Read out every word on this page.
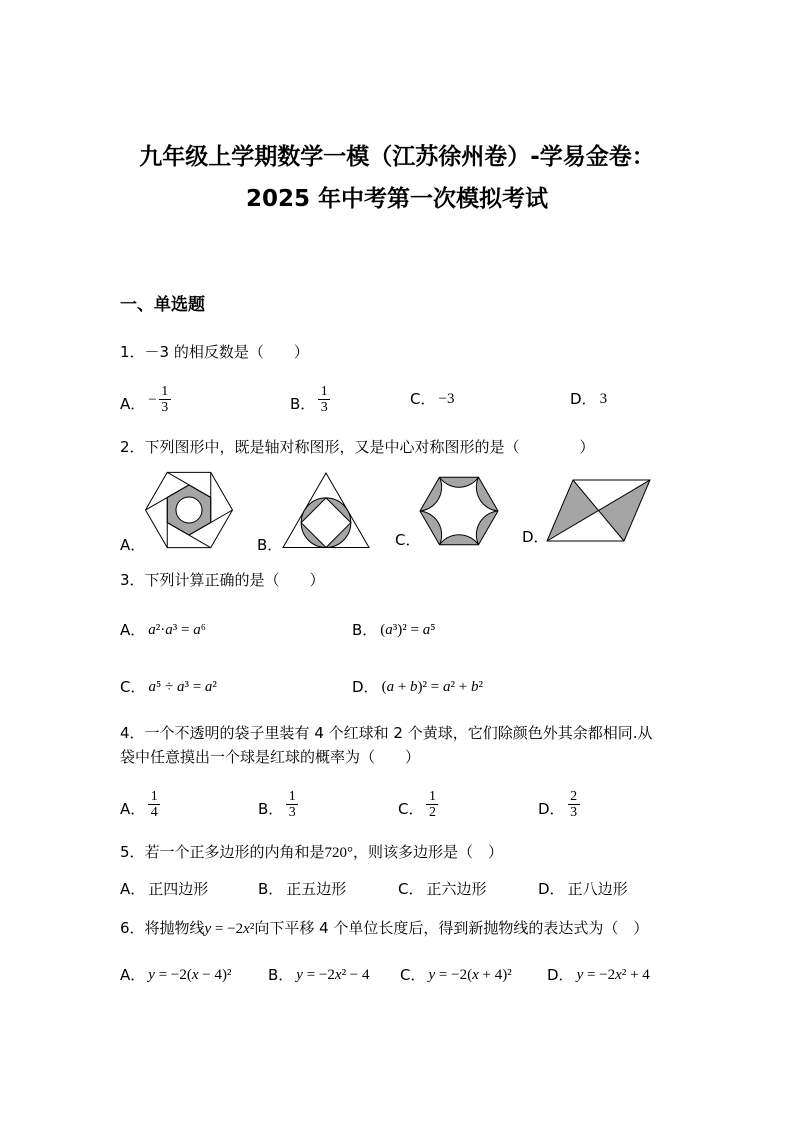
九年级上学期数学一模（江苏徐州卷）-学易金卷：
2025 年中考第一次模拟考试
一、单选题
1．－3 的相反数是（　　）
A． − $\frac{1}{3}$	B． $\frac{1}{3}$	C． −3	D． 3
2．下列图形中，既是轴对称图形，又是中心对称图形的是（　　　　）
A．	B．	C．	D．
3．下列计算正确的是（　　）
A． a²·a³ = a⁶	B． (a³)² = a⁵
C． a⁵ ÷ a³ = a²	D． (a + b)² = a² + b²
4．一个不透明的袋子里装有 4 个红球和 2 个黄球，它们除颜色外其余都相同.从
袋中任意摸出一个球是红球的概率为（　　）
A． $\frac{1}{4}$	B． $\frac{1}{3}$	C． $\frac{1}{2}$	D． $\frac{2}{3}$
5．若一个正多边形的内角和是720°，则该多边形是（　）
A． 正四边形	B． 正五边形	C． 正六边形	D． 正八边形
6．将抛物线y = −2x²向下平移 4 个单位长度后，得到新抛物线的表达式为（　）
A． y = −2(x − 4)² B． y = −2x² − 4 C． y = −2(x + 4)² D． y = −2x² + 4
